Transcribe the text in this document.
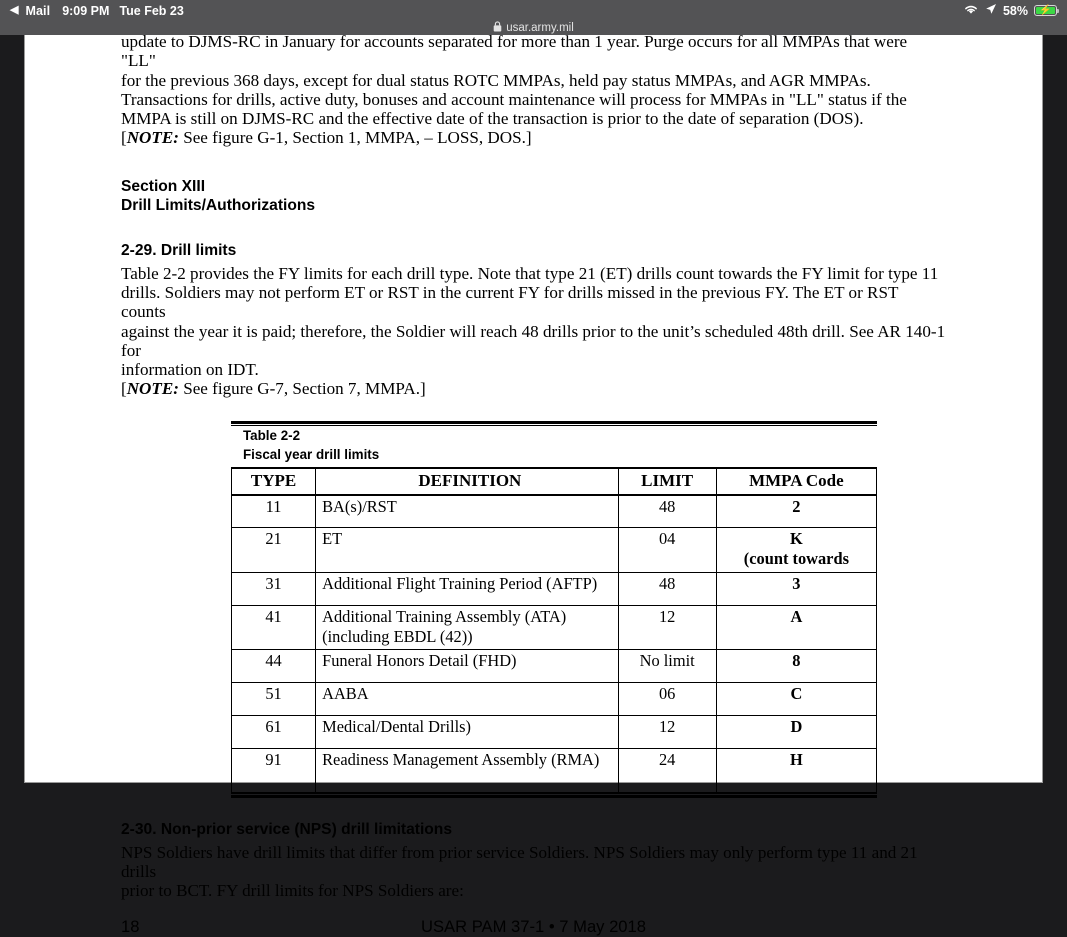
◀ Mail 9:09 PM Tue Feb 23	58% ⚡
usar.army.mil

update to DJMS-RC in January for accounts separated for more than 1 year. Purge occurs for all MMPAs that were "LL"

for the previous 368 days, except for dual status ROTC MMPAs, held pay status MMPAs, and AGR MMPAs.

Transactions for drills, active duty, bonuses and account maintenance will process for MMPAs in "LL" status if the

MMPA is still on DJMS-RC and the effective date of the transaction is prior to the date of separation (DOS).

[NOTE: See figure G-1, Section 1, MMPA, – LOSS, DOS.]

Section XIII
Drill Limits/Authorizations
2-29. Drill limits

Table 2-2 provides the FY limits for each drill type. Note that type 21 (ET) drills count towards the FY limit for type 11

drills. Soldiers may not perform ET or RST in the current FY for drills missed in the previous FY. The ET or RST counts

against the year it is paid; therefore, the Soldier will reach 48 drills prior to the unit’s scheduled 48th drill. See AR 140-1 for

information on IDT.

[NOTE: See figure G-7, Section 7, MMPA.]

Table 2-2
Fiscal year drill limits
TYPE	DEFINITION	LIMIT	MMPA Code
11	BA(s)/RST	48	2
21	ET	04	K
(count towards

31	Additional Flight Training Period (AFTP)	48	3
41	Additional Training Assembly (ATA)
(including EBDL (42))	12	A
44	Funeral Honors Detail (FHD)	No limit	8
51	AABA	06	C
61	Medical/Dental Drills)	12	D
91	Readiness Management Assembly (RMA)	24	H
2-30. Non-prior service (NPS) drill limitations

NPS Soldiers have drill limits that differ from prior service Soldiers. NPS Soldiers may only perform type 11 and 21 drills

prior to BCT. FY drill limits for NPS Soldiers are:

18	USAR PAM 37-1 • 7 May 2018
